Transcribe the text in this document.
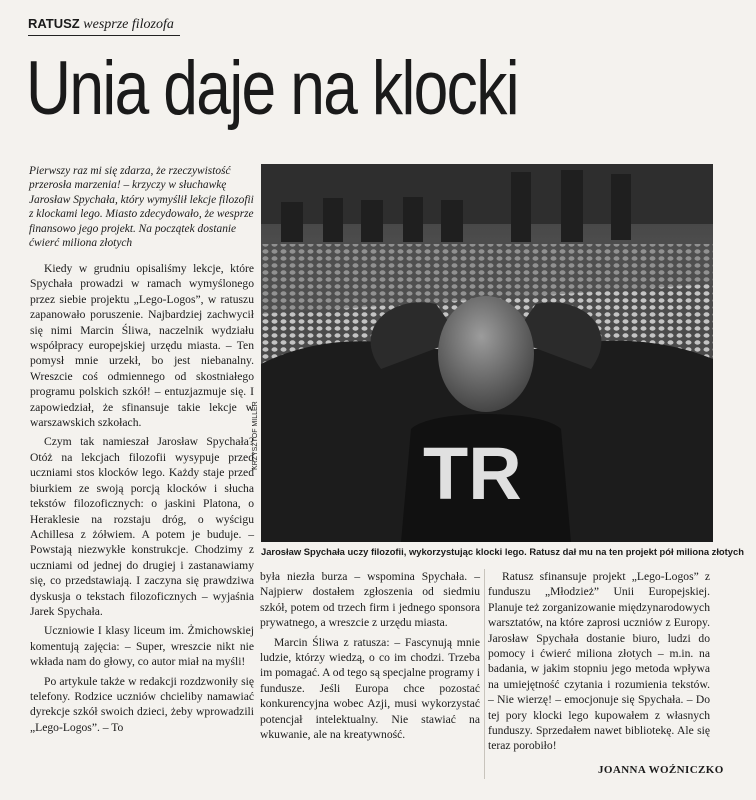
RATUSZ wesprze filozofa
Unia daje na klocki

Pierwszy raz mi się zdarza, że rzeczywistość przerosła marzenia! – krzyczy w słuchawkę Jarosław Spychała, który wymyślił lekcje filozofii z klockami lego. Miasto zdecydowało, że wesprze finansowo jego projekt. Na początek dostanie ćwierć miliona złotych

Kiedy w grudniu opisaliśmy lekcje, które Spychała prowadzi w ramach wymyślonego przez siebie projektu „Lego-Logos”, w ratuszu zapanowało poruszenie. Najbardziej zachwycił się nimi Marcin Śliwa, naczelnik wydziału współpracy europejskiej urzędu miasta. – Ten pomysł mnie urzekł, bo jest niebanalny. Wreszcie coś odmiennego od skostniałego programu polskich szkół! – entuzjazmuje się. I zapowiedział, że sfinansuje takie lekcje w warszawskich szkołach.

Czym tak namieszał Jarosław Spychała? Otóż na lekcjach filozofii wysypuje przed uczniami stos klocków lego. Każdy staje przed biurkiem ze swoją porcją klocków i słucha tekstów filozoficznych: o jaskini Platona, o Heraklesie na rozstaju dróg, o wyścigu Achillesa z żółwiem. A potem je buduje. – Powstają niezwykłe konstrukcje. Chodzimy z uczniami od jednej do drugiej i zastanawiamy się, co przedstawiają. I zaczyna się prawdziwa dyskusja o tekstach filozoficznych – wyjaśnia Jarek Spychała.

Uczniowie I klasy liceum im. Żmichowskiej komentują zajęcia: – Super, wreszcie nikt nie wkłada nam do głowy, co autor miał na myśli!

Po artykule także w redakcji rozdzwoniły się telefony. Rodzice uczniów chcieliby namawiać dyrekcje szkół swoich dzieci, żeby wprowadzili „Lego-Logos”. – To

TR
KRZYSZTOF MILLER
Jarosław Spychała uczy filozofii, wykorzystując klocki lego. Ratusz dał mu na ten projekt pół miliona złotych

była niezła burza – wspomina Spychała. – Najpierw dostałem zgłoszenia od siedmiu szkół, potem od trzech firm i jednego sponsora prywatnego, a wreszcie z urzędu miasta.

Marcin Śliwa z ratusza: – Fascynują mnie ludzie, którzy wiedzą, o co im chodzi. Trzeba im pomagać. A od tego są specjalne programy i fundusze. Jeśli Europa chce pozostać konkurencyjna wobec Azji, musi wykorzystać potencjał intelektualny. Nie stawiać na wkuwanie, ale na kreatywność.

Ratusz sfinansuje projekt „Lego-Logos” z funduszu „Młodzież” Unii Europejskiej. Planuje też zorganizowanie międzynarodowych warsztatów, na które zaprosi uczniów z Europy. Jarosław Spychała dostanie biuro, ludzi do pomocy i ćwierć miliona złotych – m.in. na badania, w jakim stopniu jego metoda wpływa na umiejętność czytania i rozumienia tekstów. – Nie wierzę! – emocjonuje się Spychała. – Do tej pory klocki lego kupowałem z własnych funduszy. Sprzedałem nawet bibliotekę. Ale się teraz porobiło!

JOANNA WOŹNICZKO
